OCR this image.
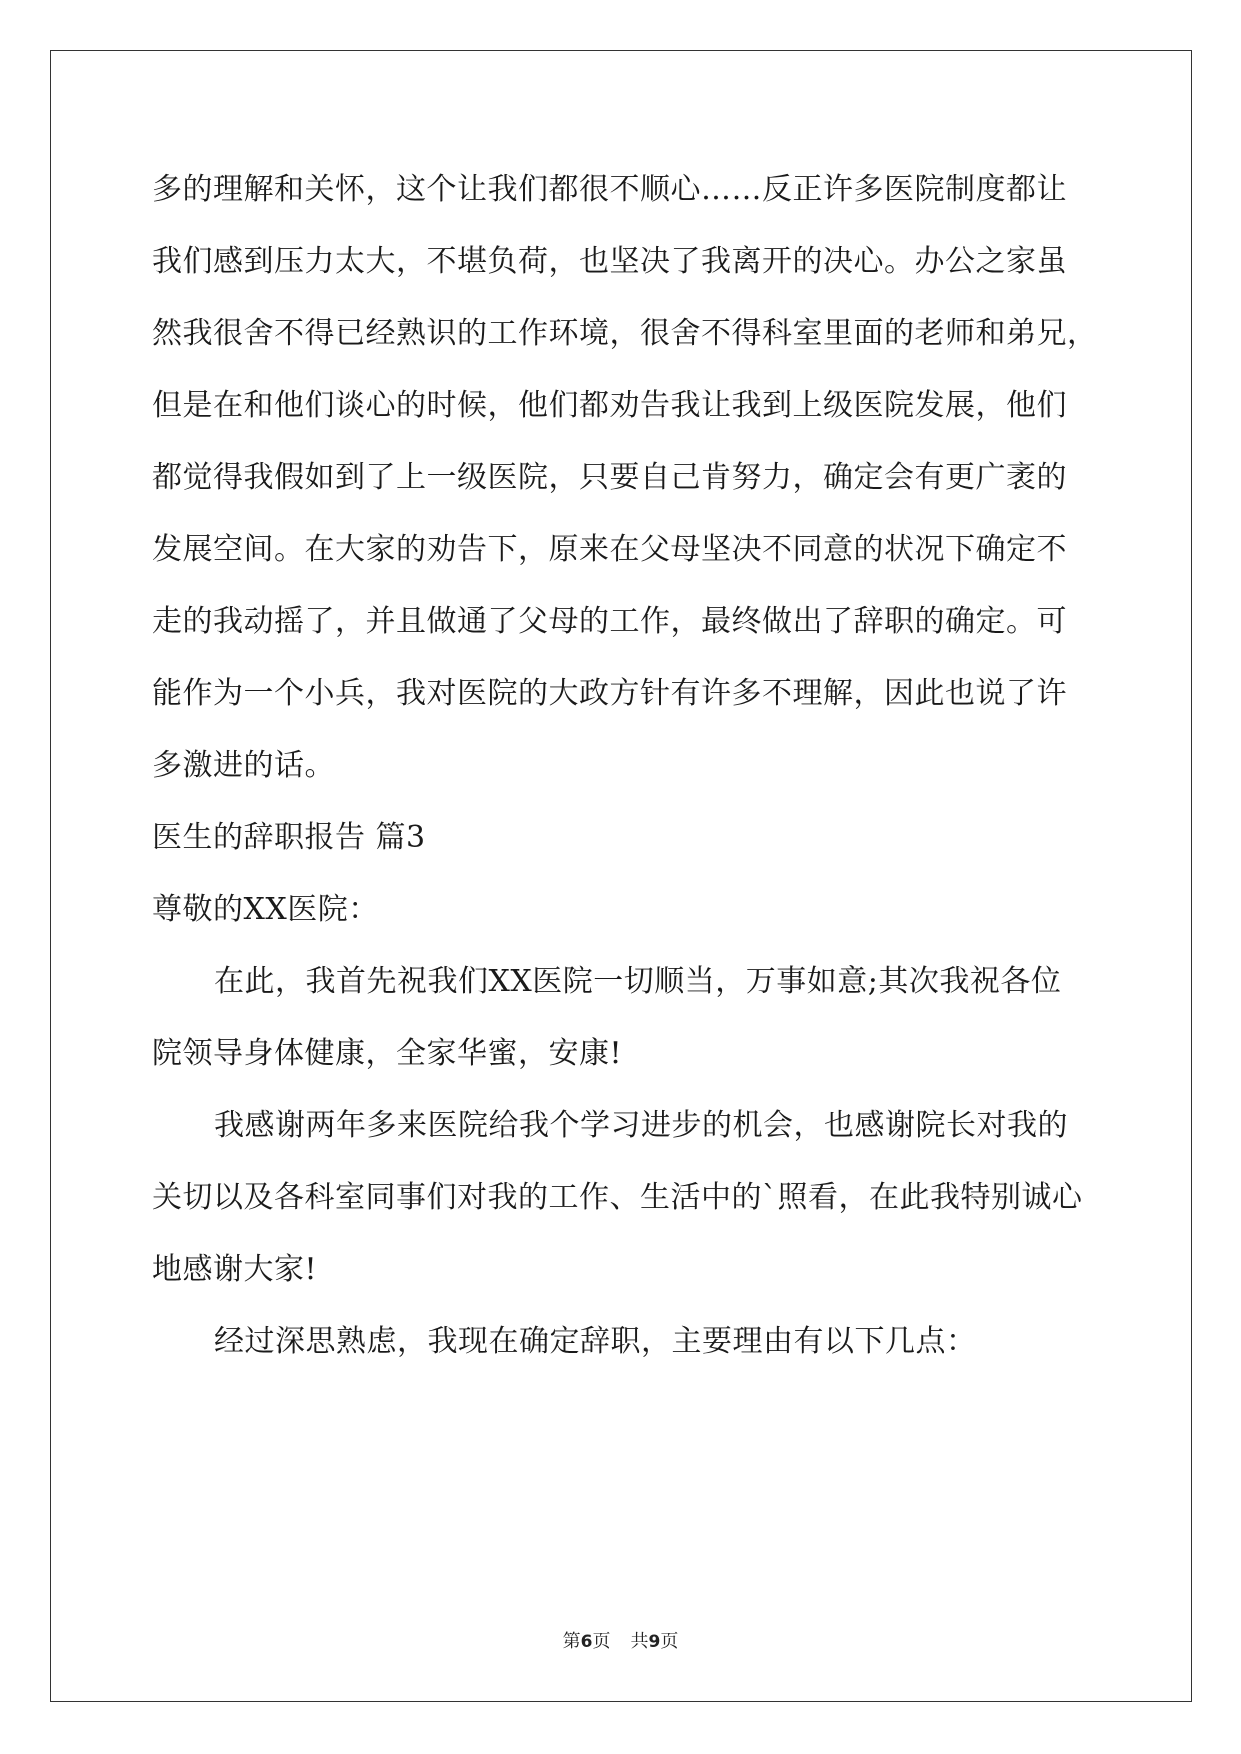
多的理解和关怀，这个让我们都很不顺心……反正许多医院制度都让
我们感到压力太大，不堪负荷，也坚决了我离开的决心。办公之家虽
然我很舍不得已经熟识的工作环境，很舍不得科室里面的老师和弟兄，
但是在和他们谈心的时候，他们都劝告我让我到上级医院发展，他们
都觉得我假如到了上一级医院，只要自己肯努力，确定会有更广袤的
发展空间。在大家的劝告下，原来在父母坚决不同意的状况下确定不
走的我动摇了，并且做通了父母的工作，最终做出了辞职的确定。可
能作为一个小兵，我对医院的大政方针有许多不理解，因此也说了许
多激进的话。
医生的辞职报告 篇3
尊敬的XX医院：
在此，我首先祝我们XX医院一切顺当，万事如意;其次我祝各位
院领导身体健康，全家华蜜，安康!
我感谢两年多来医院给我个学习进步的机会，也感谢院长对我的
关切以及各科室同事们对我的工作、生活中的`照看，在此我特别诚心
地感谢大家!
经过深思熟虑，我现在确定辞职，主要理由有以下几点：
第6页 共9页
